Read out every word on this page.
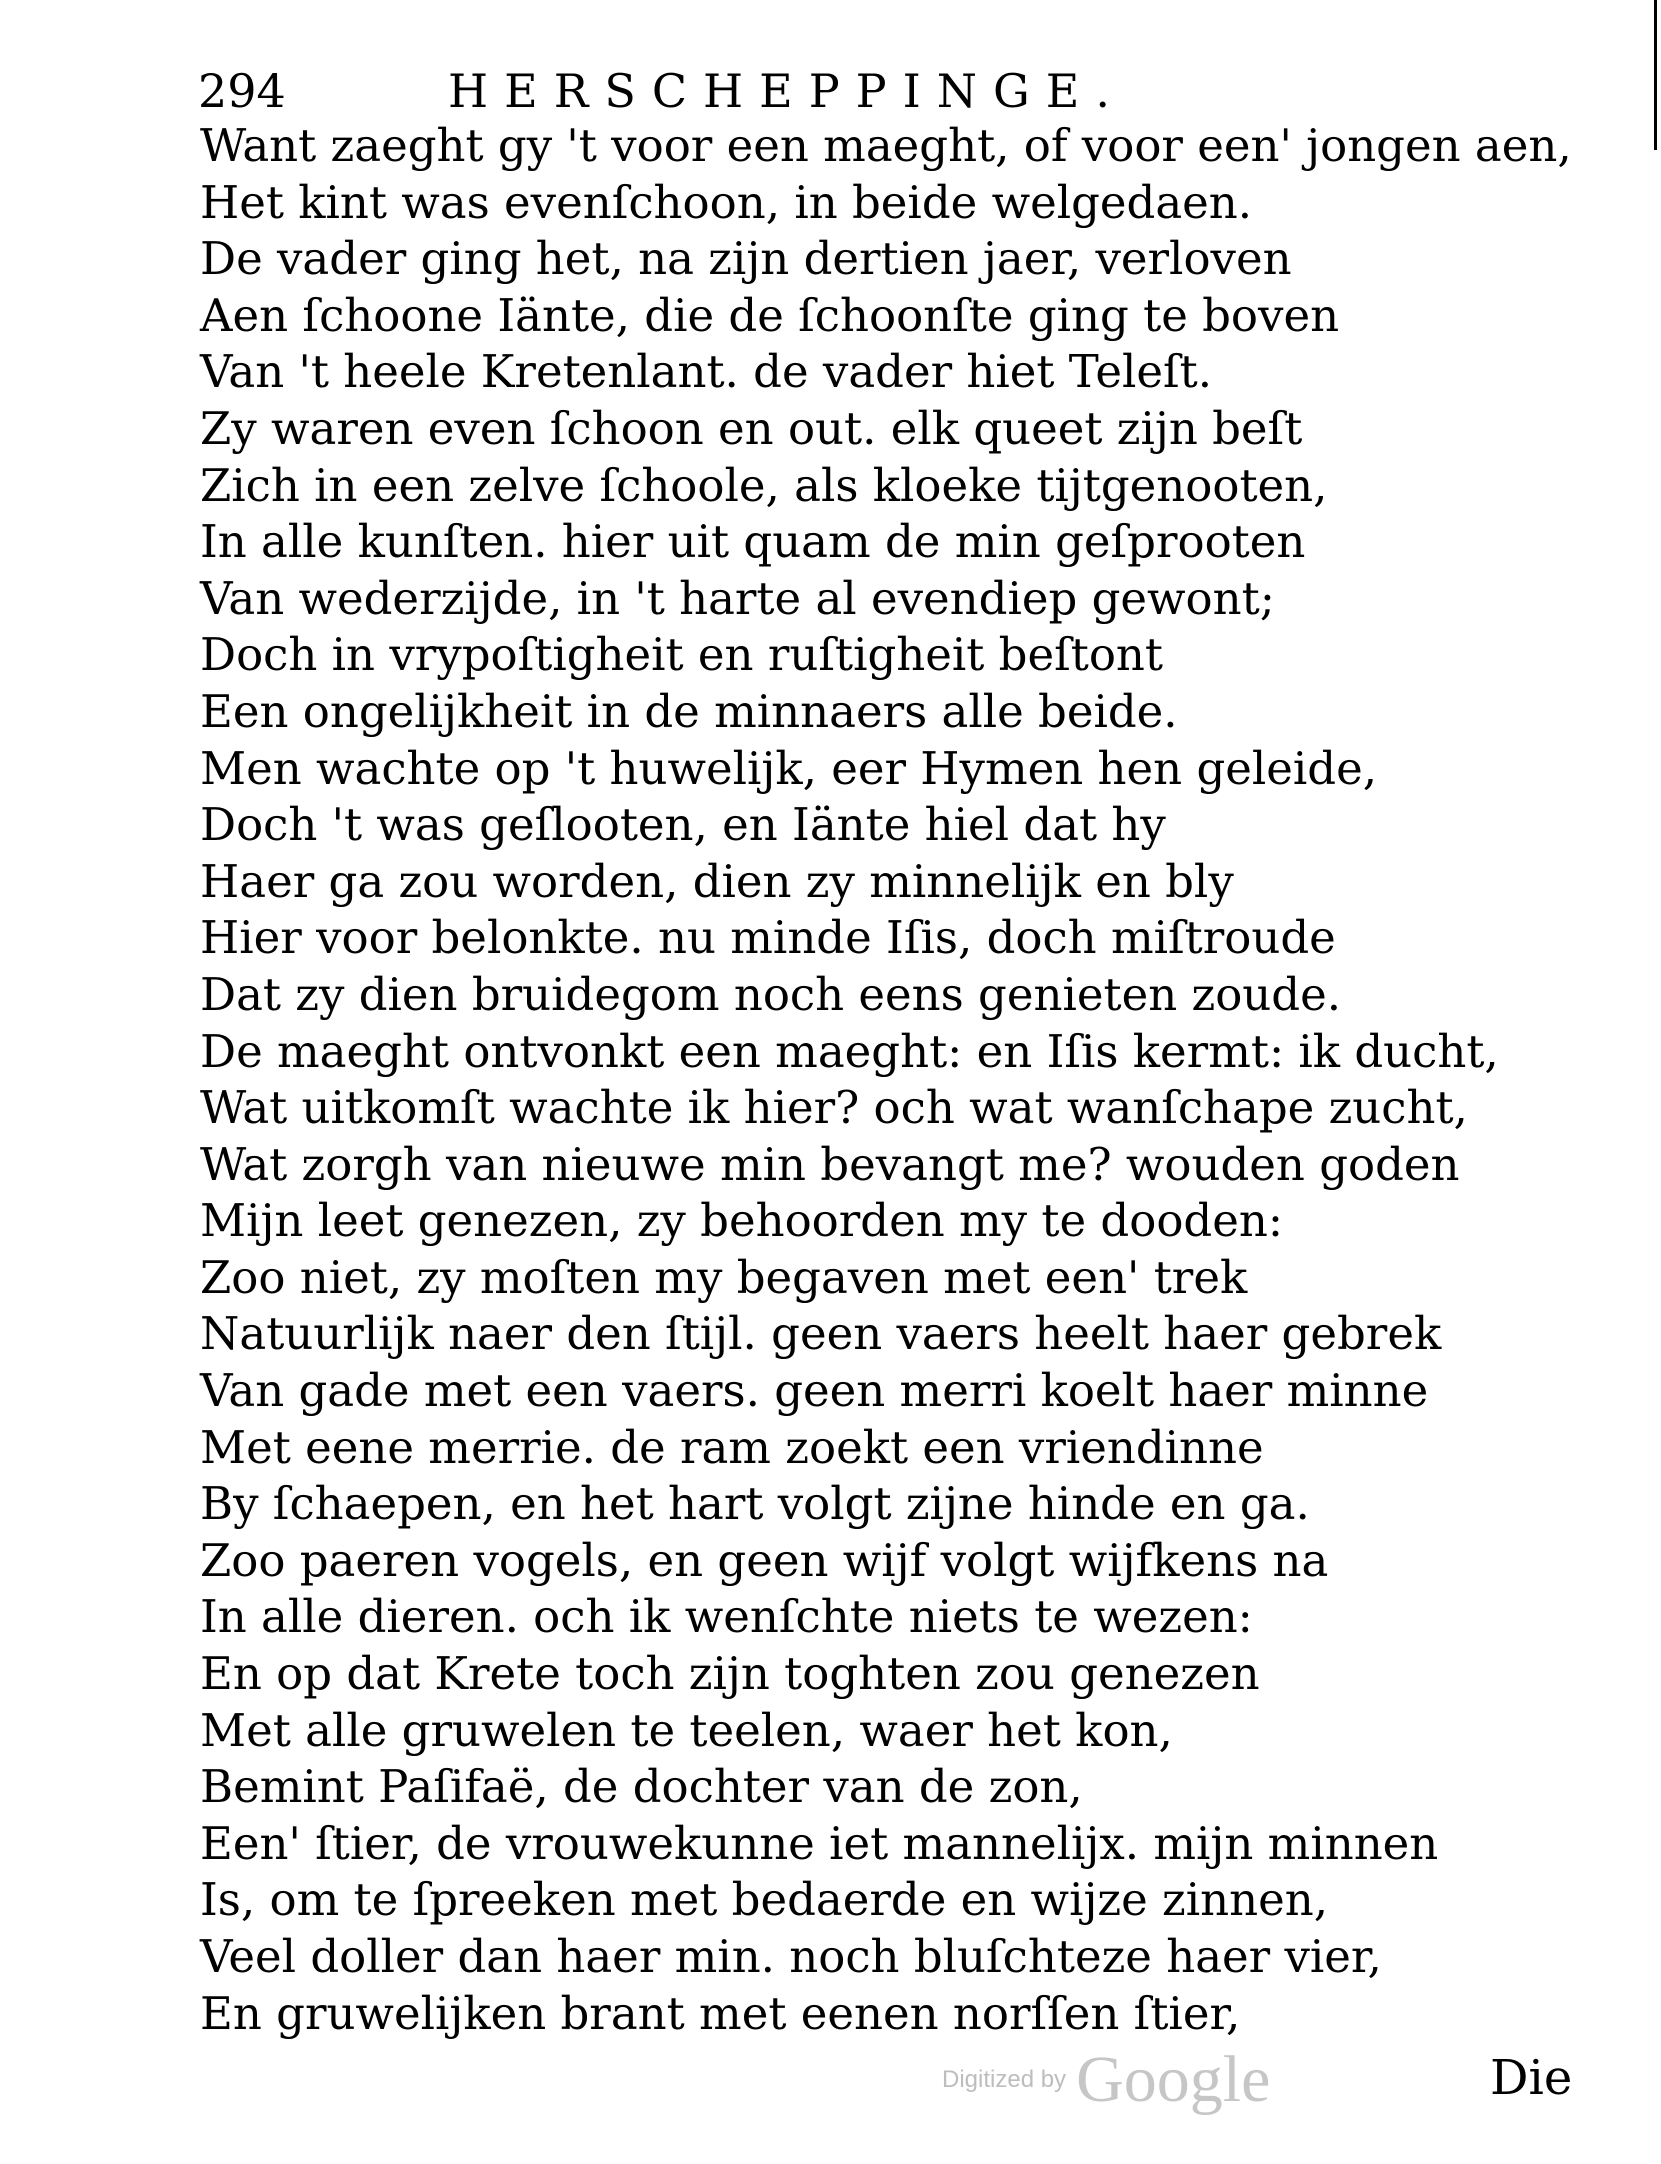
294	HERSCHEPPINGE.
Want zaeght gy 't voor een maeght, of voor een' jongen aen,
Het kint was evenſchoon, in beide welgedaen.
De vader ging het, na zijn dertien jaer, verloven
Aen ſchoone Iänte, die de ſchoonſte ging te boven
Van 't heele Kretenlant. de vader hiet Teleſt.
Zy waren even ſchoon en out. elk queet zijn beſt
Zich in een zelve ſchoole, als kloeke tijtgenooten,
In alle kunſten. hier uit quam de min geſprooten
Van wederzijde, in 't harte al evendiep gewont;
Doch in vrypoſtigheit en ruſtigheit beſtont
Een ongelijkheit in de minnaers alle beide.
Men wachte op 't huwelijk, eer Hymen hen geleide,
Doch 't was geſlooten, en Iänte hiel dat hy
Haer ga zou worden, dien zy minnelijk en bly
Hier voor belonkte. nu minde Iſis, doch miſtroude
Dat zy dien bruidegom noch eens genieten zoude.
De maeght ontvonkt een maeght: en Iſis kermt: ik ducht,
Wat uitkomſt wachte ik hier? och wat wanſchape zucht,
Wat zorgh van nieuwe min bevangt me? wouden goden
Mijn leet genezen, zy behoorden my te dooden:
Zoo niet, zy moſten my begaven met een' trek
Natuurlijk naer den ſtijl. geen vaers heelt haer gebrek
Van gade met een vaers. geen merri koelt haer minne
Met eene merrie. de ram zoekt een vriendinne
By ſchaepen, en het hart volgt zijne hinde en ga.
Zoo paeren vogels, en geen wijf volgt wijfkens na
In alle dieren. och ik wenſchte niets te wezen:
En op dat Krete toch zijn toghten zou genezen
Met alle gruwelen te teelen, waer het kon,
Bemint Paſifaë, de dochter van de zon,
Een' ſtier, de vrouwekunne iet mannelijx. mijn minnen
Is, om te ſpreeken met bedaerde en wijze zinnen,
Veel doller dan haer min. noch bluſchteze haer vier,
En gruwelijken brant met eenen norſſen ſtier,
Digitized by Google	Die
